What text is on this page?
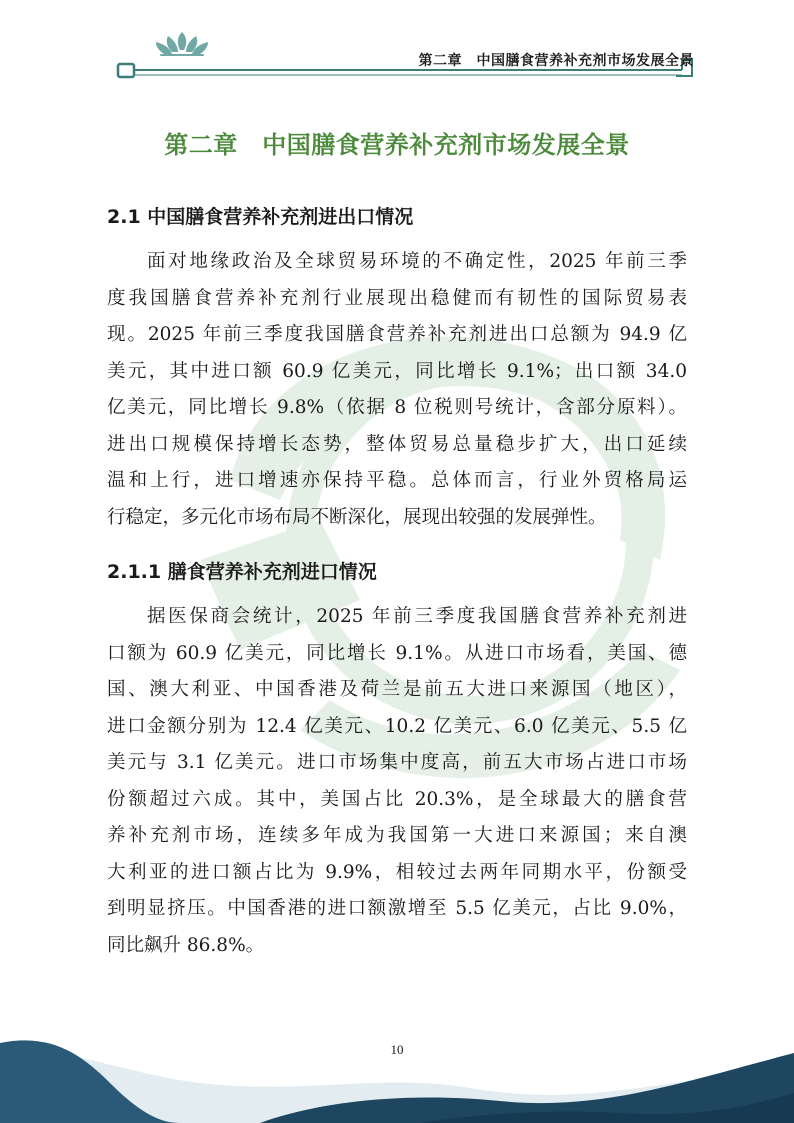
第二章　中国膳食营养补充剂市场发展全景
第二章　中国膳食营养补充剂市场发展全景
2.1 中国膳食营养补充剂进出口情况
面对地缘政治及全球贸易环境的不确定性，2025 年前三季
度我国膳食营养补充剂行业展现出稳健而有韧性的国际贸易表
现。2025 年前三季度我国膳食营养补充剂进出口总额为 94.9 亿
美元，其中进口额 60.9 亿美元，同比增长 9.1%；出口额 34.0
亿美元，同比增长 9.8%（依据 8 位税则号统计，含部分原料）。
进出口规模保持增长态势，整体贸易总量稳步扩大，出口延续
温和上行，进口增速亦保持平稳。总体而言，行业外贸格局运
行稳定，多元化市场布局不断深化，展现出较强的发展弹性。
2.1.1 膳食营养补充剂进口情况
据医保商会统计，2025 年前三季度我国膳食营养补充剂进
口额为 60.9 亿美元，同比增长 9.1%。从进口市场看，美国、德
国、澳大利亚、中国香港及荷兰是前五大进口来源国（地区），
进口金额分别为 12.4 亿美元、10.2 亿美元、6.0 亿美元、5.5 亿
美元与 3.1 亿美元。进口市场集中度高，前五大市场占进口市场
份额超过六成。其中，美国占比 20.3%，是全球最大的膳食营
养补充剂市场，连续多年成为我国第一大进口来源国；来自澳
大利亚的进口额占比为 9.9%，相较过去两年同期水平，份额受
到明显挤压。中国香港的进口额激增至 5.5 亿美元，占比 9.0%，
同比飙升 86.8%。
10
